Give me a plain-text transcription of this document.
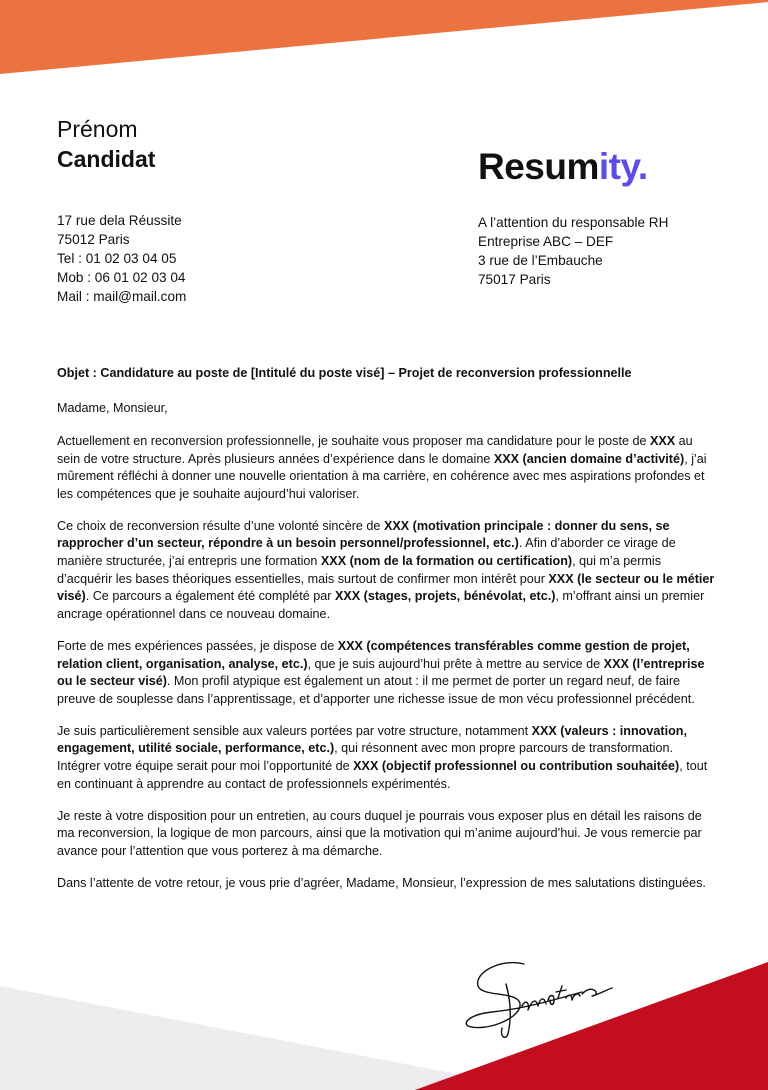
Prénom
Candidat	Resumity.
17 rue dela Réussite
75012 Paris
Tel : 01 02 03 04 05
Mob : 06 01 02 03 04
Mail : mail@mail.com
A l’attention du responsable RH
Entreprise ABC – DEF
3 rue de l’Embauche
75017 Paris
Objet : Candidature au poste de [Intitulé du poste visé] – Projet de reconversion professionnelle
Madame, Monsieur,

Actuellement en reconversion professionnelle, je souhaite vous proposer ma candidature pour le poste de XXX au sein de votre structure. Après plusieurs années d’expérience dans le domaine XXX (ancien domaine d’activité), j’ai mûrement réfléchi à donner une nouvelle orientation à ma carrière, en cohérence avec mes aspirations profondes et les compétences que je souhaite aujourd’hui valoriser.

Ce choix de reconversion résulte d’une volonté sincère de XXX (motivation principale : donner du sens, se rapprocher d’un secteur, répondre à un besoin personnel/professionnel, etc.). Afin d’aborder ce virage de manière structurée, j’ai entrepris une formation XXX (nom de la formation ou certification), qui m’a permis d’acquérir les bases théoriques essentielles, mais surtout de confirmer mon intérêt pour XXX (le secteur ou le métier visé). Ce parcours a également été complété par XXX (stages, projets, bénévolat, etc.), m’offrant ainsi un premier ancrage opérationnel dans ce nouveau domaine.

Forte de mes expériences passées, je dispose de XXX (compétences transférables comme gestion de projet, relation client, organisation, analyse, etc.), que je suis aujourd’hui prête à mettre au service de XXX (l’entreprise ou le secteur visé). Mon profil atypique est également un atout : il me permet de porter un regard neuf, de faire preuve de souplesse dans l’apprentissage, et d’apporter une richesse issue de mon vécu professionnel précédent.

Je suis particulièrement sensible aux valeurs portées par votre structure, notamment XXX (valeurs : innovation, engagement, utilité sociale, performance, etc.), qui résonnent avec mon propre parcours de transformation. Intégrer votre équipe serait pour moi l’opportunité de XXX (objectif professionnel ou contribution souhaitée), tout en continuant à apprendre au contact de professionnels expérimentés.

Je reste à votre disposition pour un entretien, au cours duquel je pourrais vous exposer plus en détail les raisons de ma reconversion, la logique de mon parcours, ainsi que la motivation qui m’anime aujourd’hui. Je vous remercie par avance pour l’attention que vous porterez à ma démarche.

Dans l’attente de votre retour, je vous prie d’agréer, Madame, Monsieur, l’expression de mes salutations distinguées.
